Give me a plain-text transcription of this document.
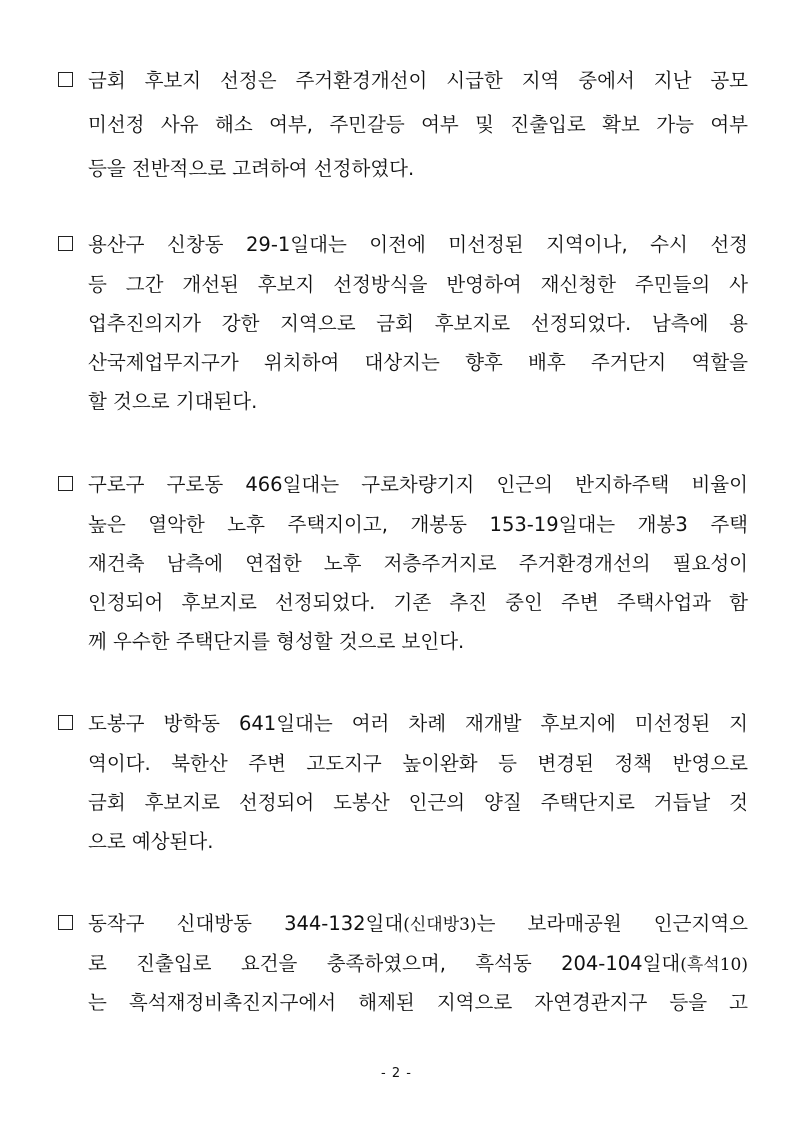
금회 후보지 선정은 주거환경개선이 시급한 지역 중에서 지난 공모
미선정 사유 해소 여부, 주민갈등 여부 및 진출입로 확보 가능 여부
등을 전반적으로 고려하여 선정하였다.
용산구 신창동 29-1일대는 이전에 미선정된 지역이나, 수시 선정
등 그간 개선된 후보지 선정방식을 반영하여 재신청한 주민들의 사
업추진의지가 강한 지역으로 금회 후보지로 선정되었다. 남측에 용
산국제업무지구가 위치하여 대상지는 향후 배후 주거단지 역할을
할 것으로 기대된다.
구로구 구로동 466일대는 구로차량기지 인근의 반지하주택 비율이
높은 열악한 노후 주택지이고, 개봉동 153-19일대는 개봉3 주택
재건축 남측에 연접한 노후 저층주거지로 주거환경개선의 필요성이
인정되어 후보지로 선정되었다. 기존 추진 중인 주변 주택사업과 함
께 우수한 주택단지를 형성할 것으로 보인다.
도봉구 방학동 641일대는 여러 차례 재개발 후보지에 미선정된 지
역이다. 북한산 주변 고도지구 높이완화 등 변경된 정책 반영으로
금회 후보지로 선정되어 도봉산 인근의 양질 주택단지로 거듭날 것
으로 예상된다.
동작구 신대방동 344-132일대(신대방3)는 보라매공원 인근지역으
로 진출입로 요건을 충족하였으며, 흑석동 204-104일대(흑석10)
는 흑석재정비촉진지구에서 해제된 지역으로 자연경관지구 등을 고
- 2 -
